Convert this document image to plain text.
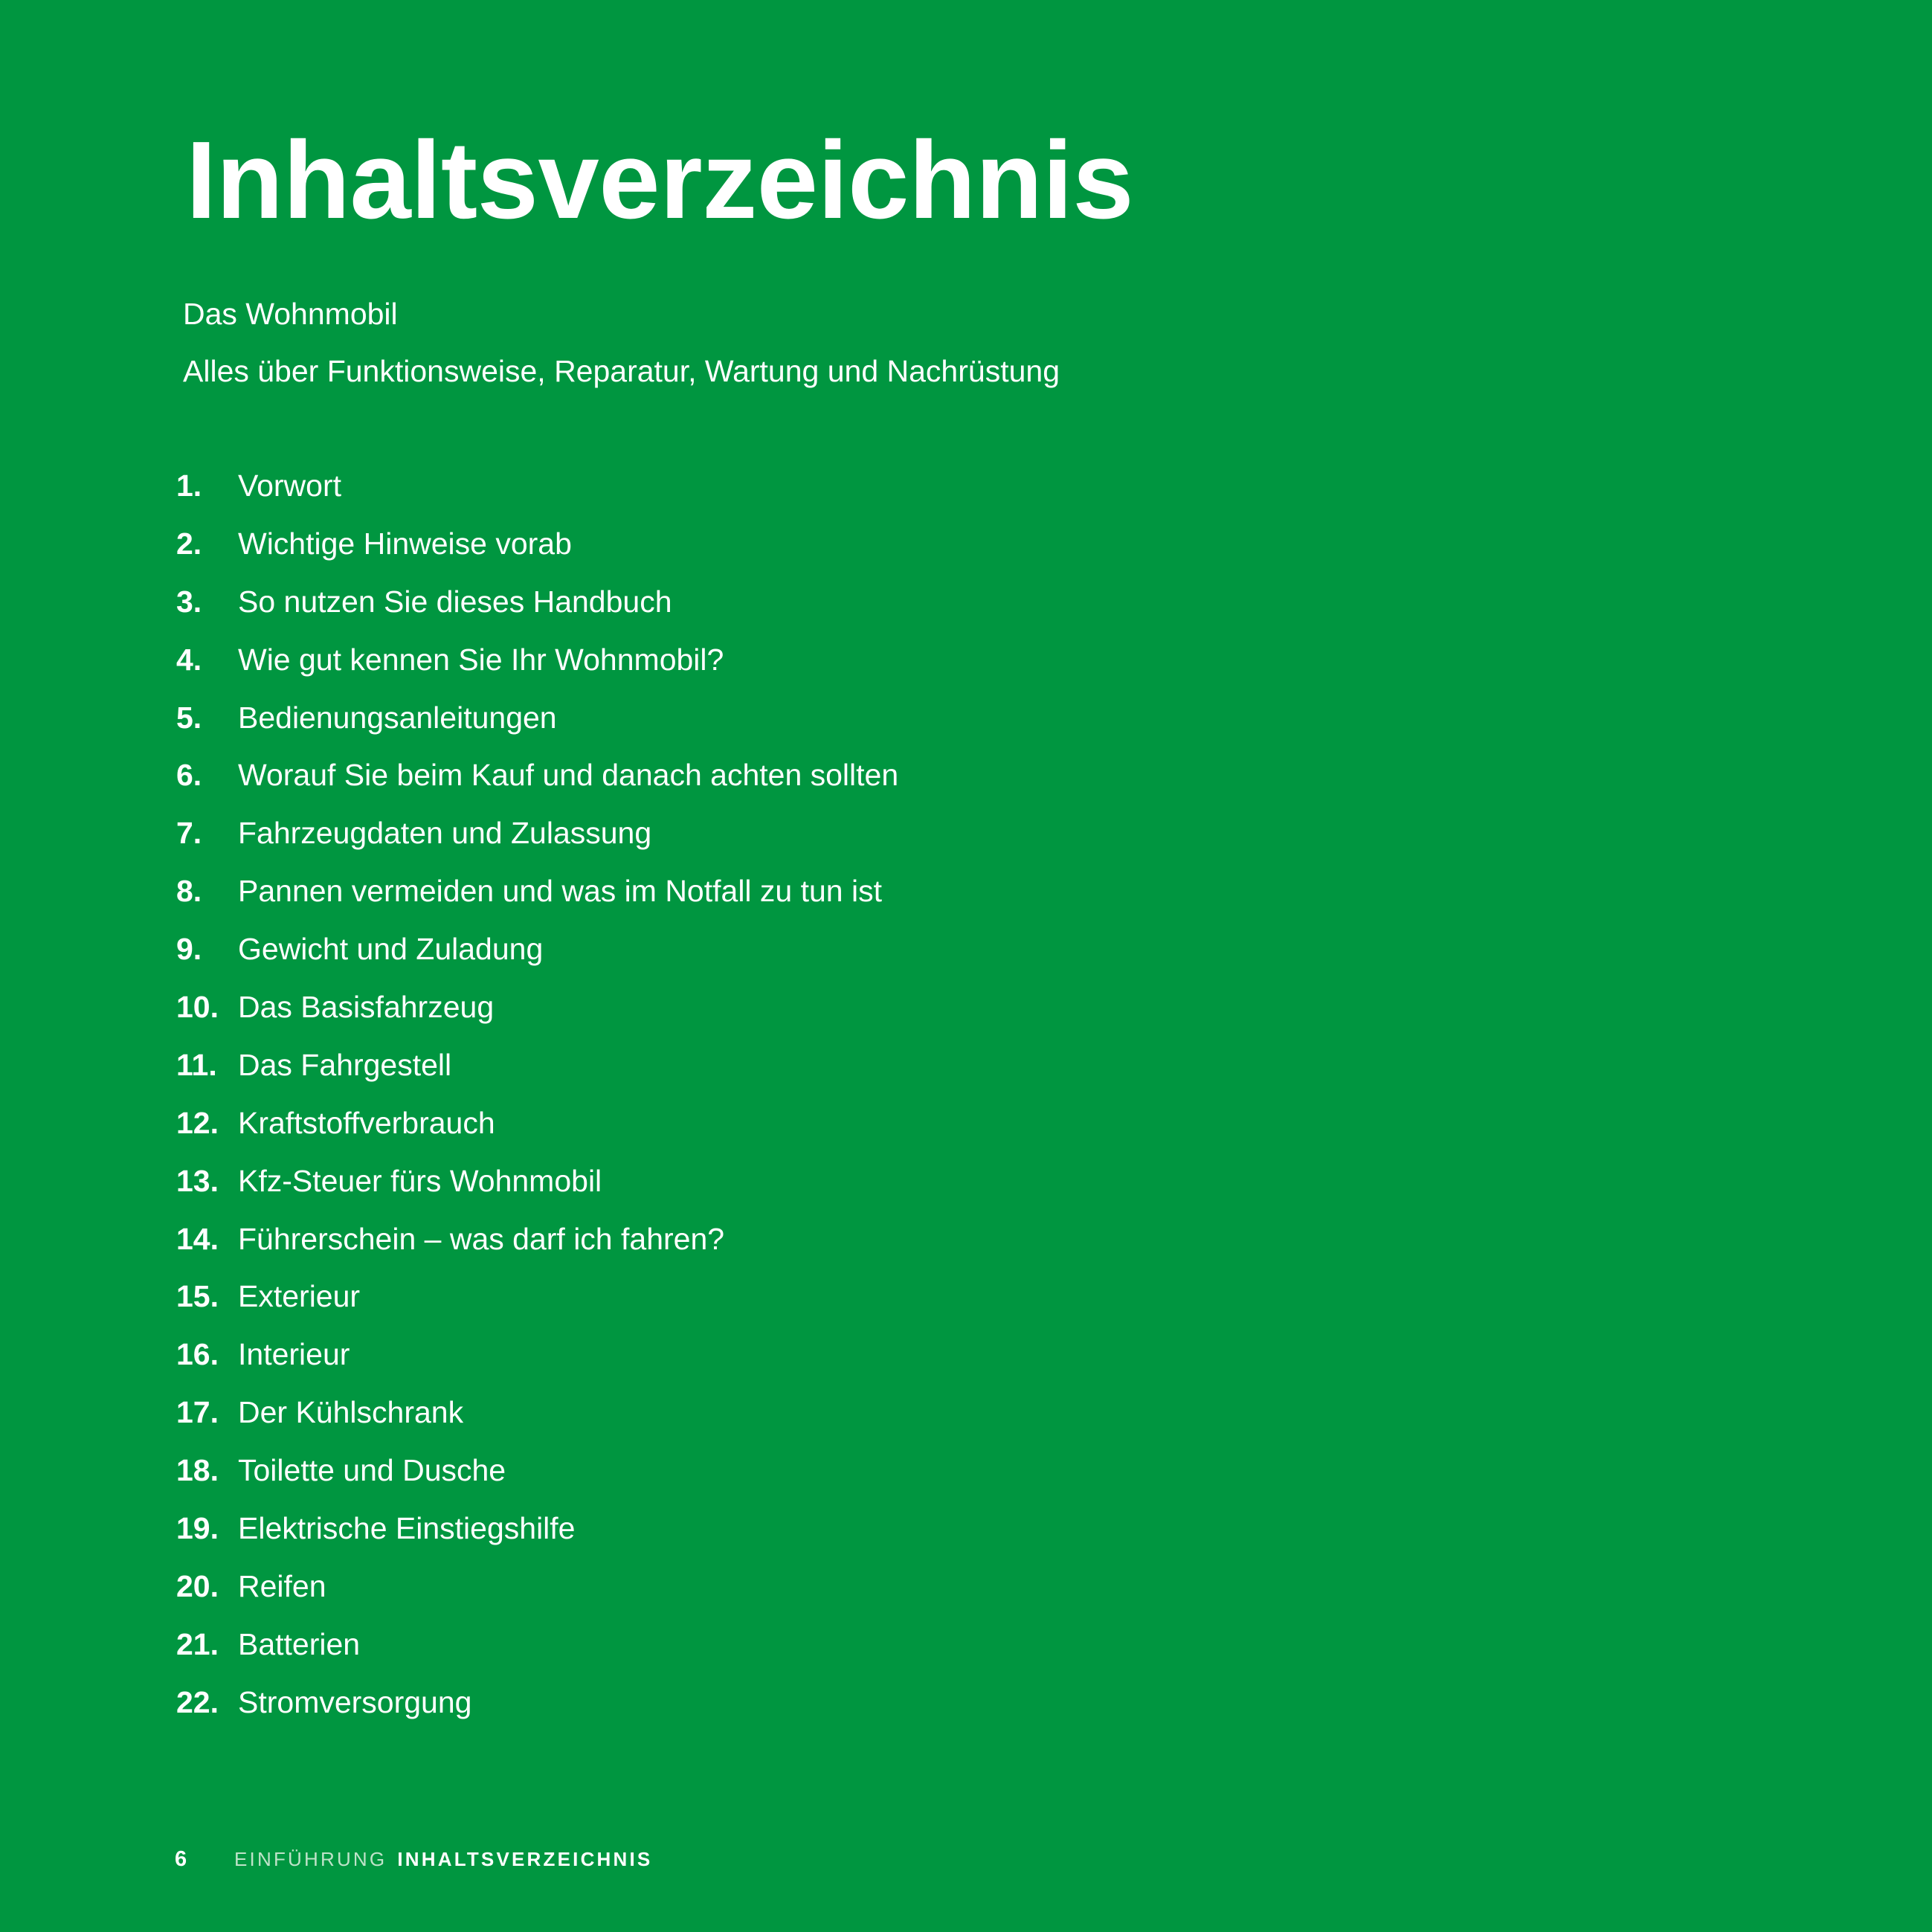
Inhaltsverzeichnis

Das Wohnmobil

Alles über Funktionsweise, Reparatur, Wartung und Nachrüstung

1.	Vorwort
2.	Wichtige Hinweise vorab
3.	So nutzen Sie dieses Handbuch
4.	Wie gut kennen Sie Ihr Wohnmobil?
5.	Bedienungsanleitungen
6.	Worauf Sie beim Kauf und danach achten sollten
7.	Fahrzeugdaten und Zulassung
8.	Pannen vermeiden und was im Notfall zu tun ist
9.	Gewicht und Zuladung
10. Das Basisfahrzeug
11. Das Fahrgestell
12. Kraftstoffverbrauch
13. Kfz-Steuer fürs Wohnmobil
14. Führerschein – was darf ich fahren?
15. Exterieur
16. Interieur
17. Der Kühlschrank
18. Toilette und Dusche
19. Elektrische Einstiegshilfe
20. Reifen
21. Batterien
22. Stromversorgung
6	EINFÜHRUNG INHALTSVERZEICHNIS
